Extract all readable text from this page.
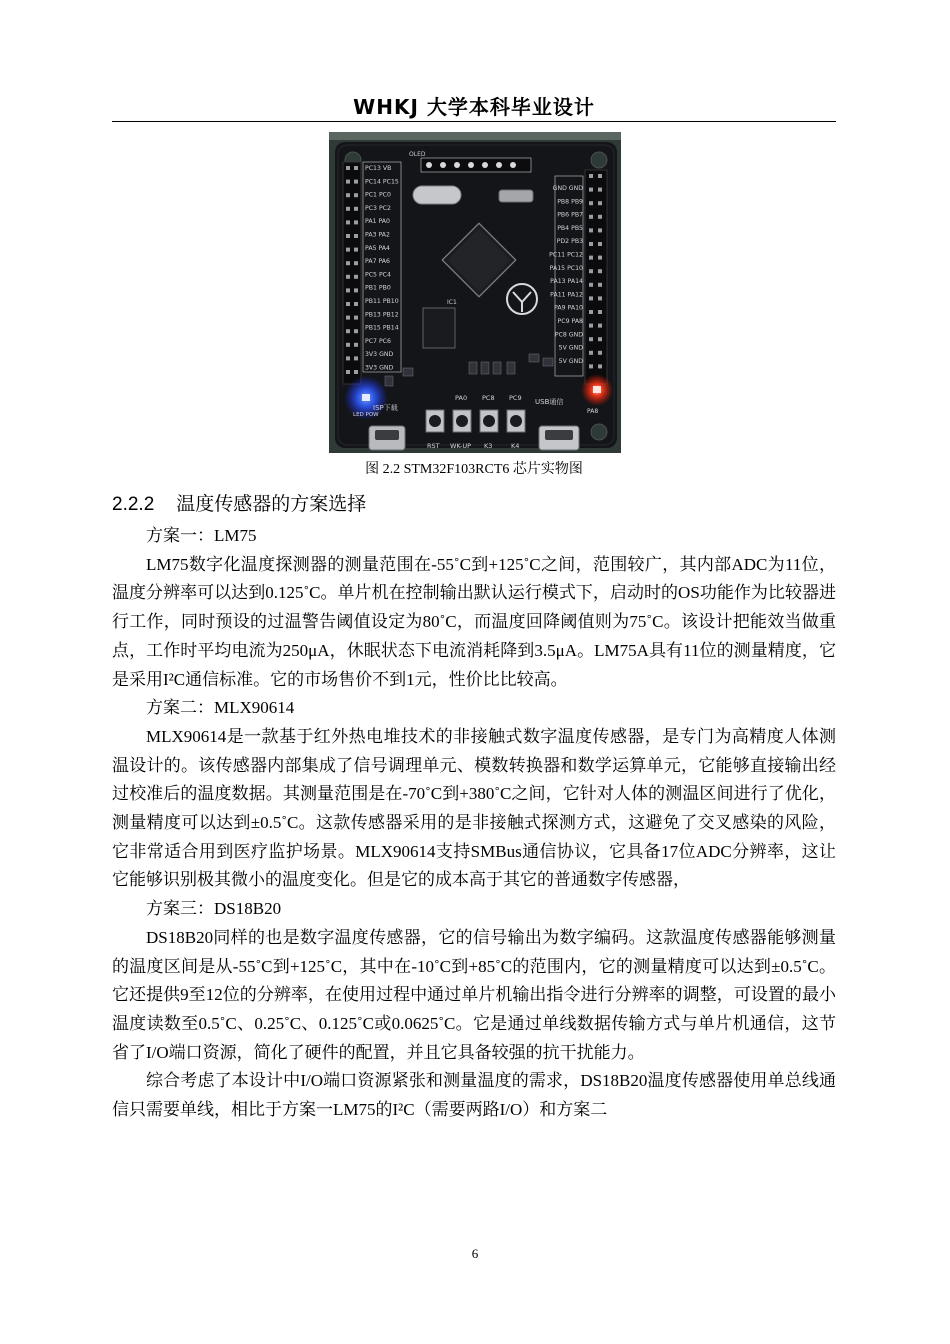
WHKJ 大学本科毕业设计
OLED
IC1
PC13 VB
PC14 PC15
PC1 PC0
PC3 PC2
PA1 PA0
PA3 PA2
PA5 PA4
PA7 PA6
PC5 PC4
PB1 PB0
PB11 PB10
PB13 PB12
PB15 PB14
PC7 PC6
3V3 GND
3V3 GND
GND GND
PB8 PB9
PB6 PB7
PB4 PB5
PD2 PB3
PC11 PC12
PA15 PC10
PA13 PA14
PA11 PA12
PA9 PA10
PC9 PA8
PC8 GND
5V GND
5V GND
LED POW	PA8
ISP下载
USB通信
PA0 PC8 PC9
RST WK-UP K3	K4
图 2.2 STM32F103RCT6 芯片实物图
2.2.2 温度传感器的方案选择

方案一：LM75

LM75数字化温度探测器的测量范围在-55˚C到+125˚C之间，范围较广，其内部ADC为11位，温度分辨率可以达到0.125˚C。单片机在控制输出默认运行模式下，启动时的OS功能作为比较器进行工作，同时预设的过温警告阈值设定为80˚C，而温度回降阈值则为75˚C。该设计把能效当做重点，工作时平均电流为250μA，休眠状态下电流消耗降到3.5μA。LM75A具有11位的测量精度，它是采用I²C通信标准。它的市场售价不到1元，性价比比较高。

方案二：MLX90614

MLX90614是一款基于红外热电堆技术的非接触式数字温度传感器，是专门为高精度人体测温设计的。该传感器内部集成了信号调理单元、模数转换器和数学运算单元，它能够直接输出经过校准后的温度数据。其测量范围是在-70˚C到+380˚C之间，它针对人体的测温区间进行了优化，测量精度可以达到±0.5˚C。这款传感器采用的是非接触式探测方式，这避免了交叉感染的风险，它非常适合用到医疗监护场景。MLX90614支持SMBus通信协议，它具备17位ADC分辨率，这让它能够识别极其微小的温度变化。但是它的成本高于其它的普通数字传感器，

方案三：DS18B20

DS18B20同样的也是数字温度传感器，它的信号输出为数字编码。这款温度传感器能够测量的温度区间是从-55˚C到+125˚C，其中在-10˚C到+85˚C的范围内，它的测量精度可以达到±0.5˚C。它还提供9至12位的分辨率，在使用过程中通过单片机输出指令进行分辨率的调整，可设置的最小温度读数至0.5˚C、0.25˚C、0.125˚C或0.0625˚C。它是通过单线数据传输方式与单片机通信，这节省了I/O端口资源，简化了硬件的配置，并且它具备较强的抗干扰能力。

综合考虑了本设计中I/O端口资源紧张和测量温度的需求，DS18B20温度传感器使用单总线通信只需要单线，相比于方案一LM75的I²C（需要两路I/O）和方案二

6
